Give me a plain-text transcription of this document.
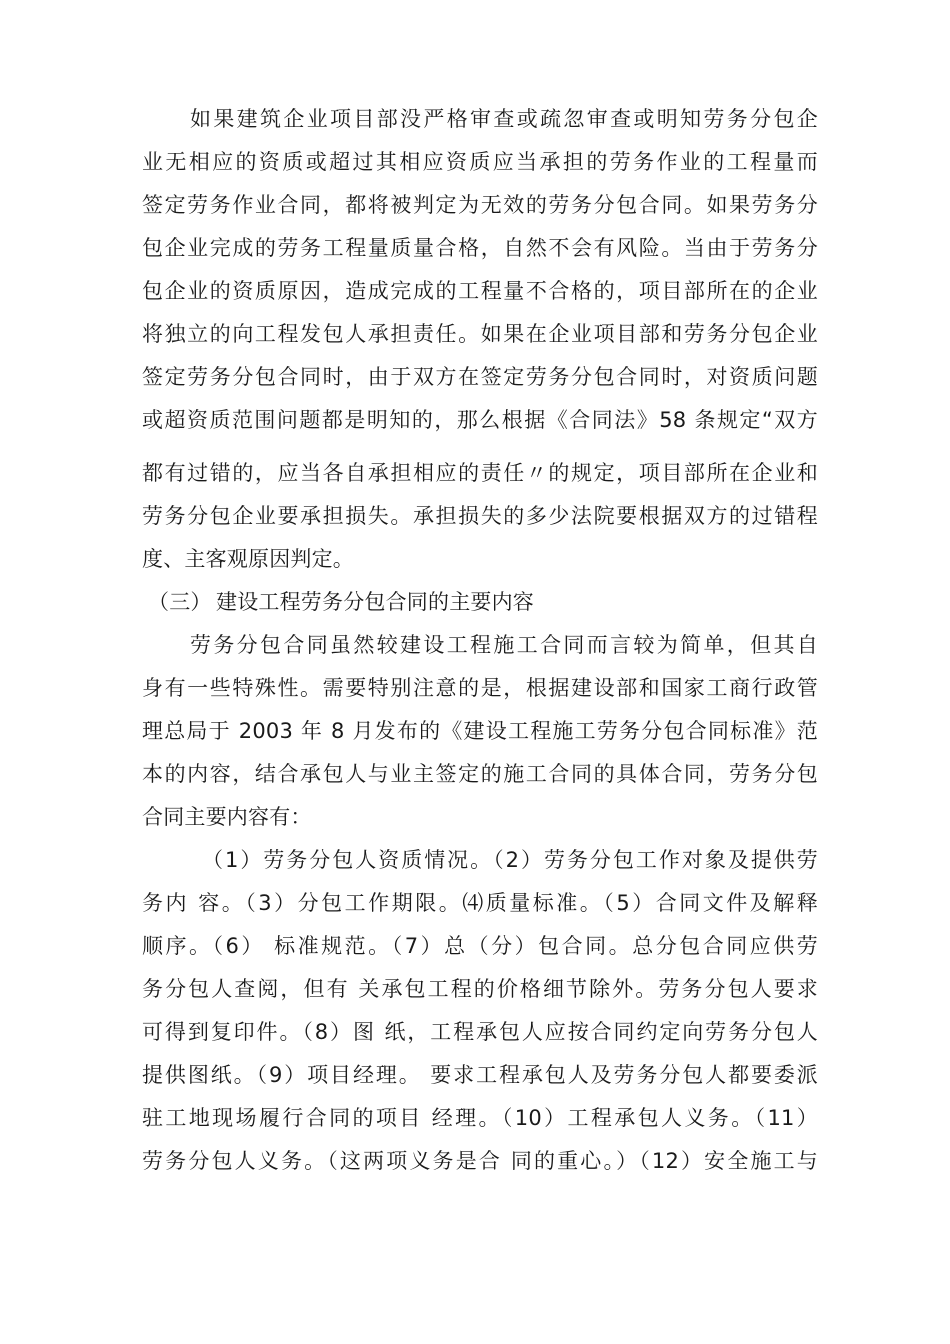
如果建筑企业项目部没严格审查或疏忽审查或明知劳务分包企
业无相应的资质或超过其相应资质应当承担的劳务作业的工程量而
签定劳务作业合同，都将被判定为无效的劳务分包合同。如果劳务分
包企业完成的劳务工程量质量合格，自然不会有风险。当由于劳务分
包企业的资质原因，造成完成的工程量不合格的，项目部所在的企业
将独立的向工程发包人承担责任。如果在企业项目部和劳务分包企业
签定劳务分包合同时，由于双方在签定劳务分包合同时，对资质问题
或超资质范围问题都是明知的，那么根据《合同法》58 条规定“双方
都有过错的，应当各自承担相应的责任〃的规定，项目部所在企业和
劳务分包企业要承担损失。承担损失的多少法院要根据双方的过错程
度、主客观原因判定。
（三） 建设工程劳务分包合同的主要内容
劳务分包合同虽然较建设工程施工合同而言较为简单，但其自
身有一些特殊性。需要特别注意的是，根据建设部和国家工商行政管
理总局于 2003 年 8 月发布的《建设工程施工劳务分包合同标准》范
本的内容，结合承包人与业主签定的施工合同的具体合同，劳务分包
合同主要内容有：
（1）劳务分包人资质情况。（2）劳务分包工作对象及提供劳
务内 容。（3）分包工作期限。⑷质量标准。（5）合同文件及解释
顺序。（6） 标准规范。（7）总（分）包合同。总分包合同应供劳
务分包人查阅，但有 关承包工程的价格细节除外。劳务分包人要求
可得到复印件。（8）图 纸，工程承包人应按合同约定向劳务分包人
提供图纸。（9）项目经理。 要求工程承包人及劳务分包人都要委派
驻工地现场履行合同的项目 经理。（10）工程承包人义务。（11）
劳务分包人义务。（这两项义务是合 同的重心。）（12）安全施工与
